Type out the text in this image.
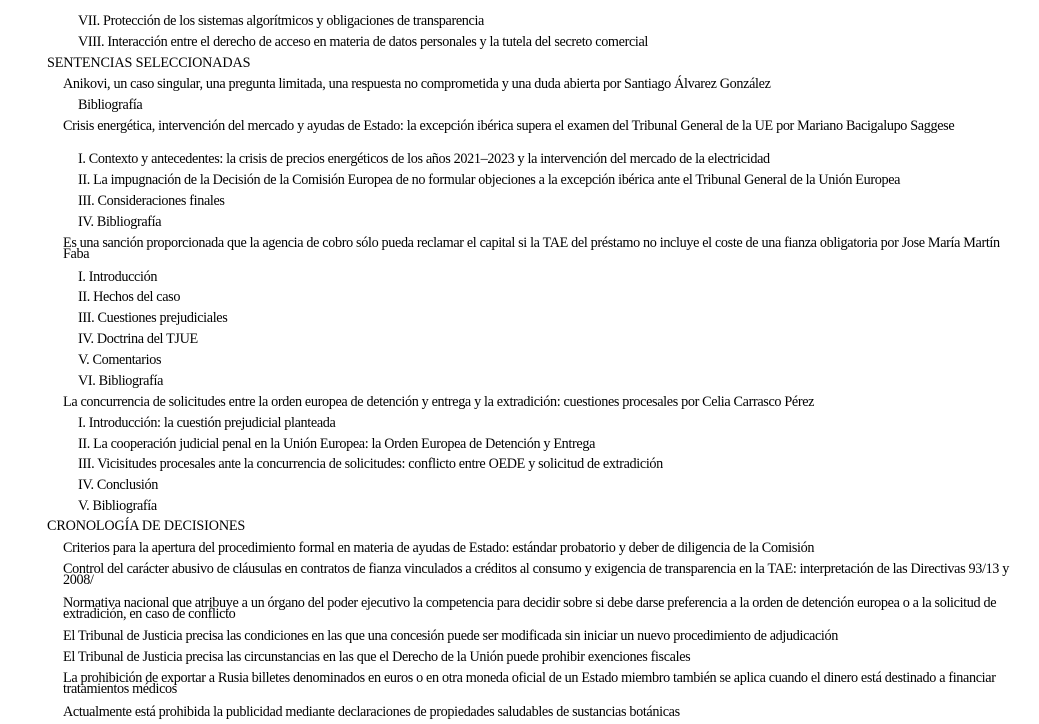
VII. Protección de los sistemas algorítmicos y obligaciones de transparencia

VIII. Interacción entre el derecho de acceso en materia de datos personales y la tutela del secreto comercial

SENTENCIAS SELECCIONADAS

Anikovi, un caso singular, una pregunta limitada, una respuesta no comprometida y una duda abierta por Santiago Álvarez González

Bibliografía

Crisis energética, intervención del mercado y ayudas de Estado: la excepción ibérica supera el examen del Tribunal General de la UE por Mariano Bacigalupo Saggese

I. Contexto y antecedentes: la crisis de precios energéticos de los años 2021–2023 y la intervención del mercado de la electricidad

II. La impugnación de la Decisión de la Comisión Europea de no formular objeciones a la excepción ibérica ante el Tribunal General de la Unión Europea

III. Consideraciones finales

IV. Bibliografía

Es una sanción proporcionada que la agencia de cobro sólo pueda reclamar el capital si la TAE del préstamo no incluye el coste de una fianza obligatoria por Jose María Martín Faba

I. Introducción

II. Hechos del caso

III. Cuestiones prejudiciales

IV. Doctrina del TJUE

V. Comentarios

VI. Bibliografía

La concurrencia de solicitudes entre la orden europea de detención y entrega y la extradición: cuestiones procesales por Celia Carrasco Pérez

I. Introducción: la cuestión prejudicial planteada

II. La cooperación judicial penal en la Unión Europea: la Orden Europea de Detención y Entrega

III. Vicisitudes procesales ante la concurrencia de solicitudes: conflicto entre OEDE y solicitud de extradición

IV. Conclusión

V. Bibliografía

CRONOLOGÍA DE DECISIONES

Criterios para la apertura del procedimiento formal en materia de ayudas de Estado: estándar probatorio y deber de diligencia de la Comisión

Control del carácter abusivo de cláusulas en contratos de fianza vinculados a créditos al consumo y exigencia de transparencia en la TAE: interpretación de las Directivas 93/13 y 2008/

Normativa nacional que atribuye a un órgano del poder ejecutivo la competencia para decidir sobre si debe darse preferencia a la orden de detención europea o a la solicitud de extradición, en caso de conflicto

El Tribunal de Justicia precisa las condiciones en las que una concesión puede ser modificada sin iniciar un nuevo procedimiento de adjudicación

El Tribunal de Justicia precisa las circunstancias en las que el Derecho de la Unión puede prohibir exenciones fiscales

La prohibición de exportar a Rusia billetes denominados en euros o en otra moneda oficial de un Estado miembro también se aplica cuando el dinero está destinado a financiar tratamientos médicos

Actualmente está prohibida la publicidad mediante declaraciones de propiedades saludables de sustancias botánicas
